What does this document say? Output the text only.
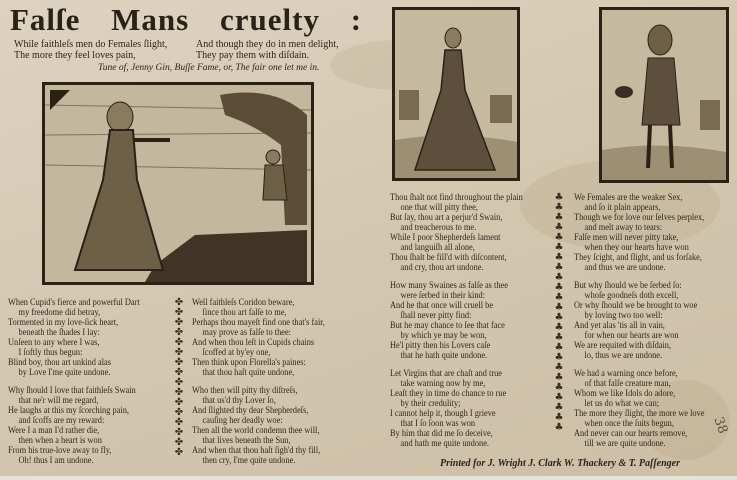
Falſe Mans cruelty :
While faithleſs men do Females ſlight,
The more they feel loves pain,
And though they do in men delight,
They pay them with diſdain.
Tune of, Jenny Gin, Buſſe Fame, or, The fair one let me in.
When Cupid's fierce and powerful Dart
my freedome did betray,
Tormented in my love-ſick heart,
beneath the ſhades I lay:
Unſeen to any where I was,
I ſoftly thus begun:
Blind boy, thou art unkind alas
by Love I'me quite undone.
Why ſhould I love that faithleſs Swain
that ne'r will me regard,
He laughs at this my ſcorching pain,
and ſcoffs are my reward:
Were I a man I'd rather die,
then when a heart is won
From his true-love away to fly,
Oh! thus I am undone.
Well faithleſs Coridon beware,
ſince thou art falſe to me,
Perhaps thou mayeſt find one that's fair,
may prove as falſe to thee:
And when thou leſt in Cupids chains
ſcoffed at by'ey one,
Then think upon Florella's paines:
that thou haſt quite undone,
Who then will pitty thy diſtreſs,
that us'd thy Lover ſo,
And ſlighted thy dear Shepherdeſs,
cauſing her deadly woe:
Then all the world condemn thee will,
that lives beneath the Sun,
And when that thou haſt ſigh'd thy fill,
then cry, I'me quite undone.
Thou ſhalt not find throughout the plain
one that will pitty thee,
But ſay, thou art a perjur'd Swain,
and treacherous to me.
While I poor Shepherdeſs lament
and languiſh all alone,
Thou ſhalt be fill'd with diſcontent,
and cry, thou art undone.
How many Swaines as falſe as thee
were ſerbed in their kind:
And he that once will cruell be
ſhall never pitty find:
But he may chance to ſee that face
by which ye may be won,
He'l pitty then his Lovers caſe
that he hath quite undone.
Let Virgins that are chaſt and true
take warning now by me,
Leaſt they in time do chance to rue
by their credulity;
I cannot help it, though I grieve
that I ſo ſoon was won
By him that did me ſo deceive,
and hath me quite undone.
We Females are the weaker Sex,
and ſo it plain appears,
Though we for love our ſelves perplex,
and melt away to tears:
Falſe men will never pitty take,
when they our hearts have won
They ſcight, and ſlight, and us forſake,
and thus we are undone.
But why ſhould we be ſerbed ſo:
whoſe goodneſs doth excell,
Or why ſhould we be brought to woe
by loving two too well:
And yet alas 'tis all in vain,
for when our hearts are won
We are requited with diſdain,
lo, thus we are undone.
We had a warning once before,
of that falſe creature man,
Whom we like Idols do adore,
let us do what we can;
The more they ſlight, the more we love
when once the ſuits begun,
And never can our hearts remove,
till we are quite undone.
✤
✤
✤
✤
✤
✤
✤
✤
✤
✤
✤
✤
✤
✤
✤
✤
♣
♣
♣
♣
♣
♣
♣
♣
♣
♣
♣
♣
♣
♣
♣
♣
♣
♣
♣
♣
♣
♣
♣
♣
Printed for J. Wright J. Clark W. Thackery & T. Paſſenger
38
